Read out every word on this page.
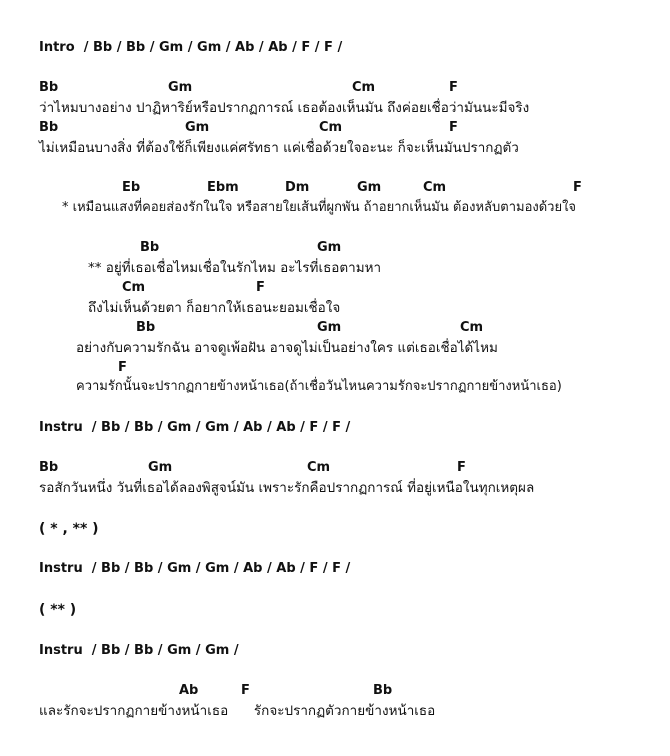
Intro  / Bb / Bb / Gm / Gm / Ab / Ab / F / F /
Bb	Gm	Cm	F
ว่าไหมบางอย่าง ปาฏิหาริย์หรือปรากฏการณ์ เธอต้องเห็นมัน ถึงค่อยเชื่อว่ามันนะมีจริง
Bb	Gm	Cm	F
ไม่เหมือนบางสิ่ง ที่ต้องใช้ก็เพียงแค่ศรัทธา แค่เชื่อด้วยใจอะนะ ก็จะเห็นมันปรากฏตัว
Eb	Ebm	Dm	Gm	Cm	F
* เหมือนแสงที่คอยส่องรักในใจ หรือสายใยเส้นที่ผูกพัน ถ้าอยากเห็นมัน ต้องหลับตามองด้วยใจ
Bb	Gm
** อยู่ที่เธอเชื่อไหมเชื่อในรักไหม อะไรที่เธอตามหา
Cm	F
ถึงไม่เห็นด้วยตา ก็อยากให้เธอนะยอมเชื่อใจ
Bb	Gm	Cm
อย่างกับความรักฉัน อาจดูเพ้อฝัน อาจดูไม่เป็นอย่างใคร แต่เธอเชื่อได้ไหม
F
ความรักนั้นจะปรากฏกายข้างหน้าเธอ(ถ้าเชื่อวันไหนความรักจะปรากฏกายข้างหน้าเธอ)
Instru  / Bb / Bb / Gm / Gm / Ab / Ab / F / F /
Bb	Gm	Cm	F
รอสักวันหนึ่ง วันที่เธอได้ลองพิสูจน์มัน เพราะรักคือปรากฏการณ์ ที่อยู่เหนือในทุกเหตุผล
( * , ** )
Instru  / Bb / Bb / Gm / Gm / Ab / Ab / F / F /
( ** )
Instru  / Bb / Bb / Gm / Gm /
Ab	F	Bb
และรักจะปรากฏกายข้างหน้าเธอ      รักจะปรากฏตัวกายข้างหน้าเธอ
